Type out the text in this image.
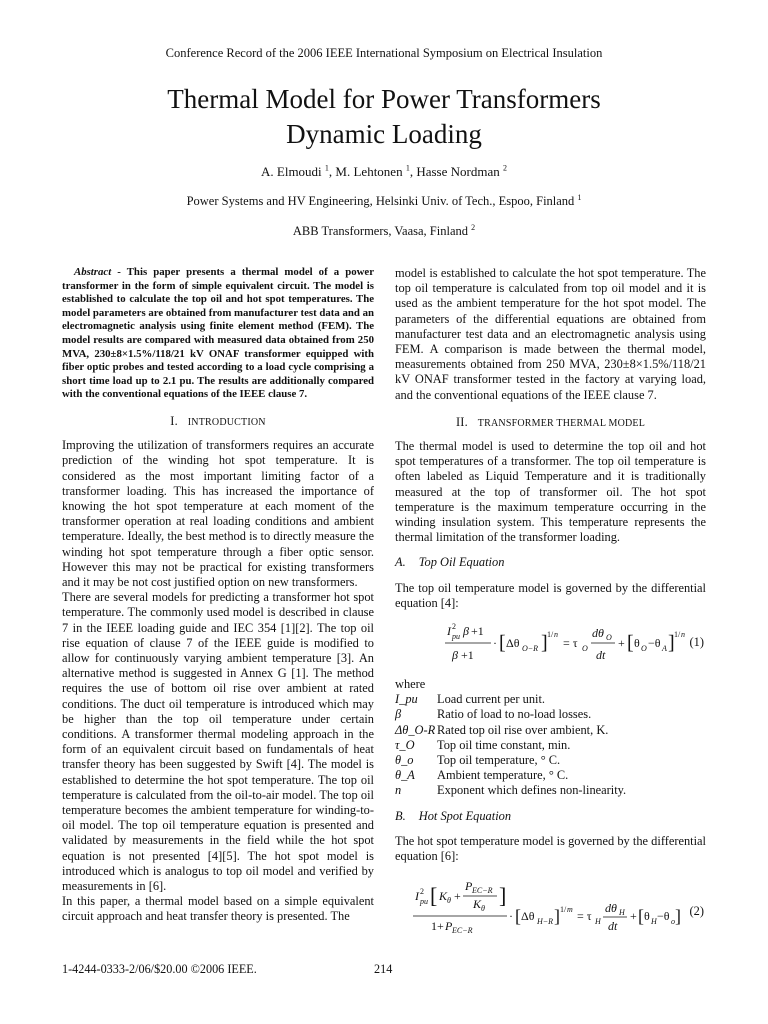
Conference Record of the 2006 IEEE International Symposium on Electrical Insulation
Thermal Model for Power Transformers
Dynamic Loading
A. Elmoudi $^1$, M. Lehtonen $^1$, Hasse Nordman $^2$
Power Systems and HV Engineering, Helsinki Univ. of Tech., Espoo, Finland $^1$
ABB Transformers, Vaasa, Finland $^2$

Abstract - This paper presents a thermal model of a power transformer in the form of simple equivalent circuit. The model is established to calculate the top oil and hot spot temperatures. The model parameters are obtained from manufacturer test data and an electromagnetic analysis using finite element method (FEM). The model results are compared with measured data obtained from 250 MVA, 230±8×1.5%/118/21 kV ONAF transformer equipped with fiber optic probes and tested according to a load cycle comprising a short time load up to 2.1 pu. The results are additionally compared with the conventional equations of the IEEE clause 7.

I. INTRODUCTION

Improving the utilization of transformers requires an accurate prediction of the winding hot spot temperature. It is considered as the most important limiting factor of a transformer loading. This has increased the importance of knowing the hot spot temperature at each moment of the transformer operation at real loading conditions and ambient temperature. Ideally, the best method is to directly measure the winding hot spot temperature through a fiber optic sensor. However this may not be practical for existing transformers and it may be not cost justified option on new transformers.

There are several models for predicting a transformer hot spot temperature. The commonly used model is described in clause 7 in the IEEE loading guide and IEC 354 [1][2]. The top oil rise equation of clause 7 of the IEEE guide is modified to allow for continuously varying ambient temperature [3]. An alternative method is suggested in Annex G [1]. The method requires the use of bottom oil rise over ambient at rated conditions. The duct oil temperature is introduced which may be higher than the top oil temperature under certain conditions. A transformer thermal modeling approach in the form of an equivalent circuit based on fundamentals of heat transfer theory has been suggested by Swift [4]. The model is established to determine the hot spot temperature. The top oil temperature is calculated from the oil-to-air model. The top oil temperature becomes the ambient temperature for winding-to-oil model. The top oil temperature equation is presented and validated by measurements in the field while the hot spot equation is not presented [4][5]. The hot spot model is introduced which is analogus to top oil model and verified by measurements in [6].

In this paper, a thermal model based on a simple equivalent circuit approach and heat transfer theory is presented. The

model is established to calculate the hot spot temperature. The top oil temperature is calculated from top oil model and it is used as the ambient temperature for the hot spot model. The parameters of the differential equations are obtained from manufacturer test data and an electromagnetic analysis using FEM. A comparison is made between the thermal model, measurements obtained from 250 MVA, 230±8×1.5%/118/21 kV ONAF transformer tested in the factory at varying load, and the conventional equations of the IEEE clause 7.

II. TRANSFORMER THERMAL MODEL

The thermal model is used to determine the top oil and hot spot temperatures of a transformer. The top oil temperature is often labeled as Liquid Temperature and it is traditionally measured at the top of transformer oil. The hot spot temperature is the maximum temperature occurring in the winding insulation system. This temperature represents the thermal limitation of the transformer loading.

A. Top Oil Equation

The top oil temperature model is governed by the differential equation [4]:

I 2
pu β +1
β +1
· [ Δθ O−R ] 1/ n
= τ O
dθ O
dt
+ [ θ O −θ A ] 1/ n
(1)
where
I_pu	Load current per unit.
β	Ratio of load to no-load losses.
Δθ_O-R Rated top oil rise over ambient, K.
τ_O	Top oil time constant, min.
θ_o	Top oil temperature, ° C.
θ_A	Ambient temperature, ° C.
n	Exponent which defines non-linearity.
B. Hot Spot Equation

The hot spot temperature model is governed by the differential equation [6]:

I 2
pu [ K θ +
P EC−R
K θ
]
1+ P EC−R
· [ Δθ H−R ] 1/ m = τ H
dθ H
dt
+ [ θ H −θ o ] (2)
1-4244-0333-2/06/$20.00 ©2006 IEEE.	214
